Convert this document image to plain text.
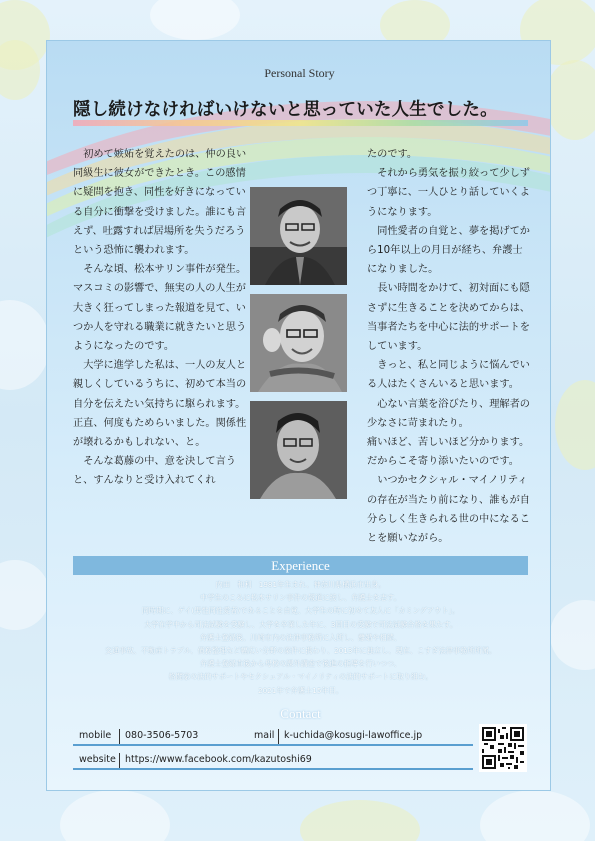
Personal Story
隠し続けなければいけないと思っていた人生でした。

初めて嫉妬を覚えたのは、仲の良い同級生に彼女ができたとき。この感情に疑問を抱き、同性を好きになっている自分に衝撃を受けました。誰にも言えず、吐露すれば居場所を失うだろうという恐怖に襲われます。

そんな頃、松本サリン事件が発生。マスコミの影響で、無実の人の人生が大きく狂ってしまった報道を見て、いつか人を守れる職業に就きたいと思うようになったのです。

大学に進学した私は、一人の友人と親しくしているうちに、初めて本当の自分を伝えたい気持ちに駆られます。正直、何度もためらいました。関係性が壊れるかもしれない、と。

そんな葛藤の中、意を決して言うと、すんなりと受け入れてくれ

たのです。

それから勇気を振り絞って少しずつ丁寧に、一人ひとり話していくようになります。

同性愛者の自覚と、夢を掲げてから10年以上の月日が経ち、弁護士になりました。

長い時間をかけて、初対面にも隠さずに生きることを決めてからは、当事者たちを中心に法的サポートをしています。

きっと、私と同じように悩んでいる人はたくさんいると思います。

心ない言葉を浴びたり、理解者の少なさに苛まれたり。

痛いほど、苦しいほど分かります。

だからこそ寄り添いたいのです。

いつかセクシャル・マイノリティの存在が当たり前になり、誰もが自分らしく生きられる世の中になることを願いながら。

Experience
内田　和利　1981年生まれ、神奈川県横浜市出身。
中学生のころに松本サリン事件の報道に接し、弁護士を志す。
同時期に、ゲイ(男性同性愛者)であることを自覚、大学生の時に初めて友人に「カミングアウト」。
大学在学中から司法試験を受験し、大学を卒業した年に、3回目の受験で司法試験合格を果たす。
弁護士登録後、川崎市内の法律事務所に入所し、離婚や相続、
交通事故、不動産トラブル、債務整理など幅広い分野の案件に携わり、2013年に独立し、現在、こすぎ法律事務所所属。
弁護士登録直後から母校の課外講座で後進の指導を行いつつ、
格闘家の法的サポートやセクシュアル・マイノリティの法的サポートに取り組む。
2021年で弁護士15年目。
Contact
mobile 080-3506-5703	mail k-uchida@kosugi-lawoffice.jp
website https://www.facebook.com/kazutoshi69
